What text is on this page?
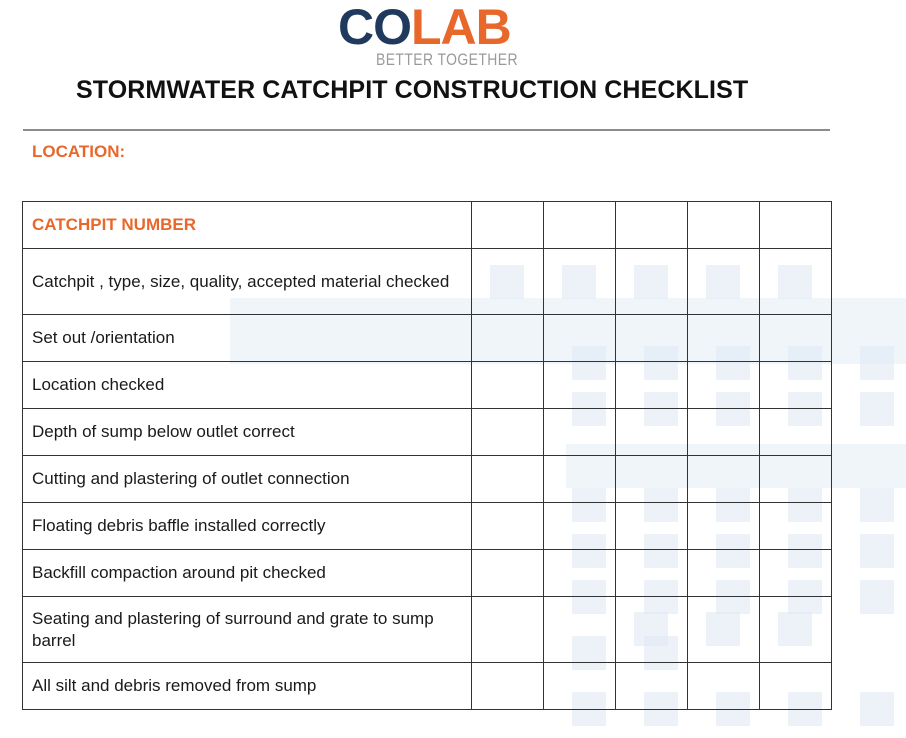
COLAB
BETTER TOGETHER
STORMWATER CATCHPIT CONSTRUCTION CHECKLIST
LOCATION:
CATCHPIT NUMBER					
Catchpit , type, size, quality, accepted material checked					
Set out /orientation					
Location checked					
Depth of sump below outlet correct					
Cutting and plastering of outlet connection					
Floating debris baffle installed correctly					
Backfill compaction around pit checked					
Seating and plastering of surround and grate to sump barrel					
All silt and debris removed from sump					
